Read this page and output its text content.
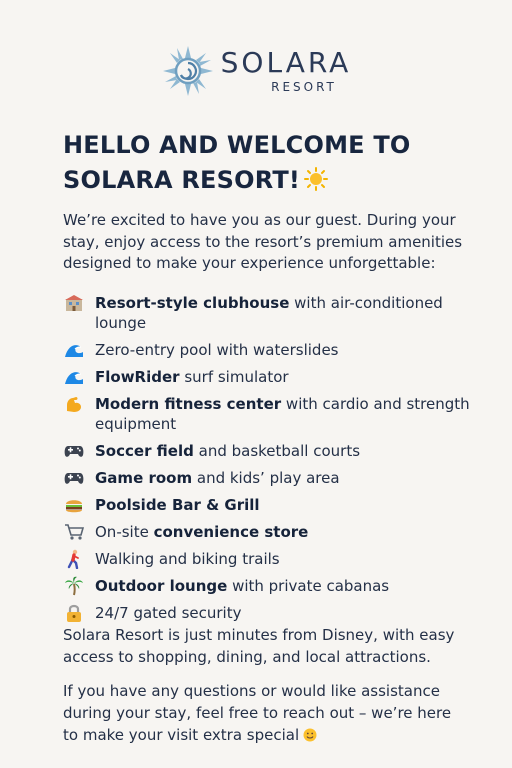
SOLARA
RESORT
HELLO AND WELCOME TO
SOLARA RESORT!
We’re excited to have you as our guest. During your stay, enjoy access to the resort’s premium amenities designed to make your experience unforgettable:
Resort-style clubhouse with air-conditioned lounge
Zero-entry pool with waterslides
FlowRider surf simulator
Modern fitness center with cardio and strength equipment
Soccer field and basketball courts
Game room and kids’ play area
Poolside Bar & Grill
On-site convenience store
Walking and biking trails
Outdoor lounge with private cabanas
24/7 gated security
Solara Resort is just minutes from Disney, with easy access to shopping, dining, and local attractions.
If you have any questions or would like assistance during your stay, feel free to reach out – we’re here to make your visit extra special
